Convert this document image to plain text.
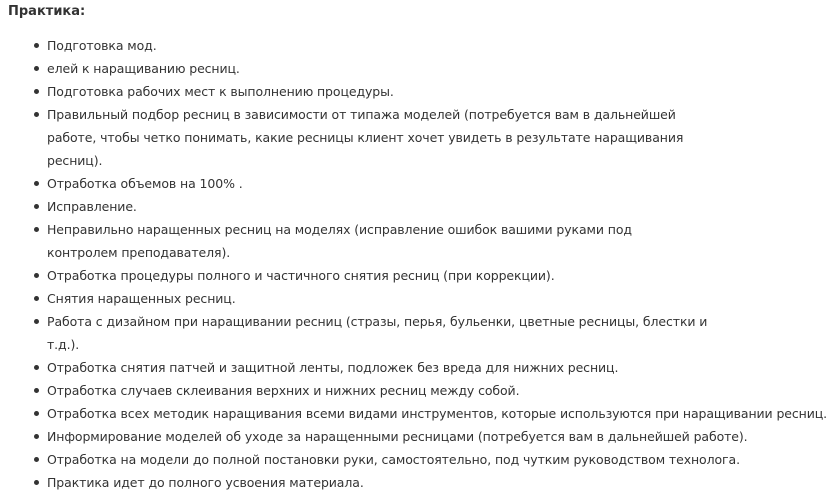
Практика:
Подготовка мод.
елей к наращиванию ресниц.
Подготовка рабочих мест к выполнению процедуры.
Правильный подбор ресниц в зависимости от типажа моделей (потребуется вам в дальнейшей
работе, чтобы четко понимать, какие ресницы клиент хочет увидеть в результате наращивания
ресниц).
Отработка объемов на 100% .
Исправление.
Неправильно наращенных ресниц на моделях (исправление ошибок вашими руками под
контролем преподавателя).
Отработка процедуры полного и частичного снятия ресниц (при коррекции).
Снятия наращенных ресниц.
Работа с дизайном при наращивании ресниц (стразы, перья, бульенки, цветные ресницы, блестки и
т.д.).
Отработка снятия патчей и защитной ленты, подложек без вреда для нижних ресниц.
Отработка случаев склеивания верхних и нижних ресниц между собой.
Отработка всех методик наращивания всеми видами инструментов, которые используются при наращивании ресниц.
Информирование моделей об уходе за наращенными ресницами (потребуется вам в дальнейшей работе).
Отработка на модели до полной постановки руки, самостоятельно, под чутким руководством технолога.
Практика идет до полного усвоения материала.
